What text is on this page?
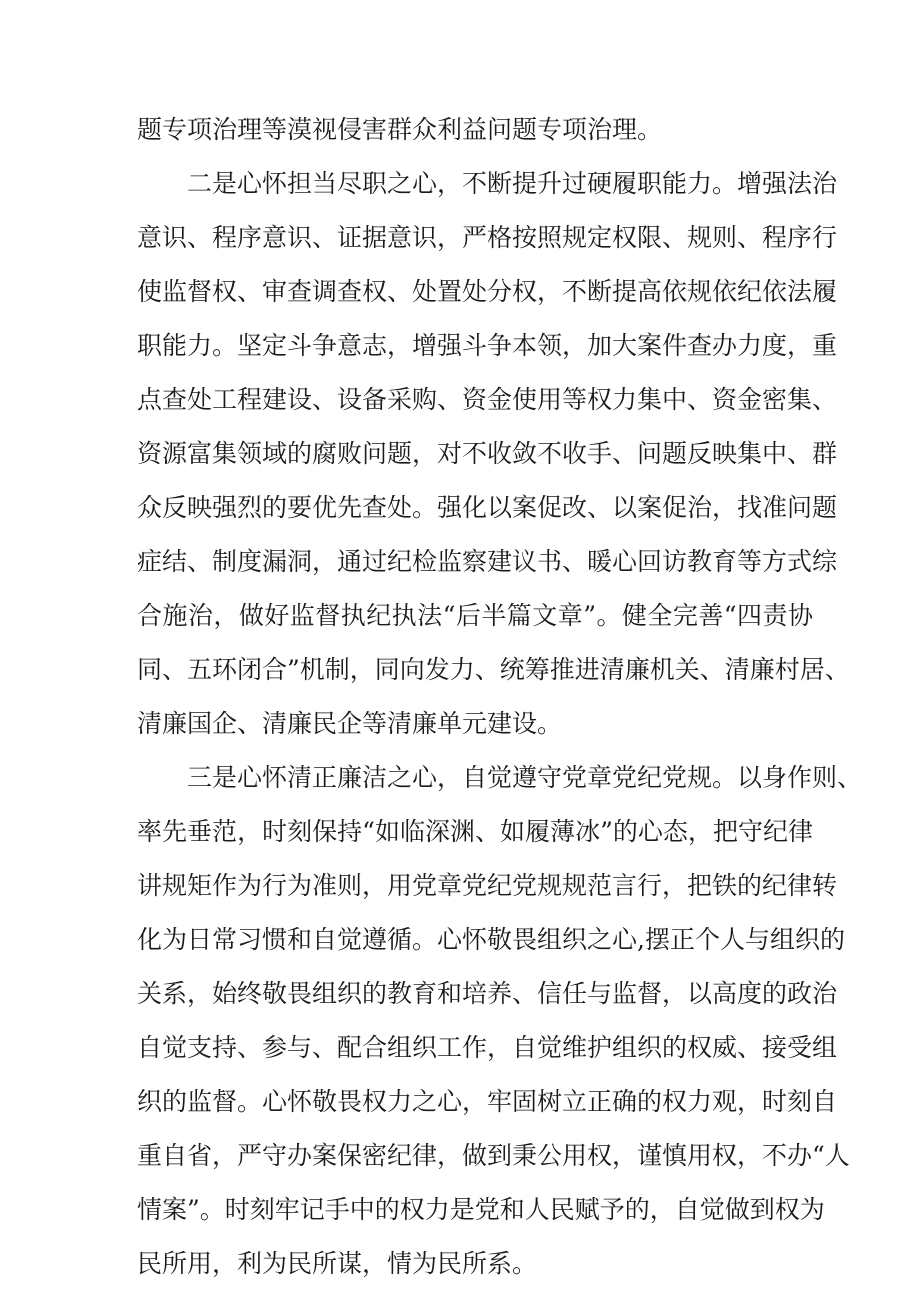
题专项治理等漠视侵害群众利益问题专项治理。
二是心怀担当尽职之心，不断提升过硬履职能力。增强法治
意识、程序意识、证据意识，严格按照规定权限、规则、程序行
使监督权、审查调查权、处置处分权，不断提高依规依纪依法履
职能力。坚定斗争意志，增强斗争本领，加大案件查办力度，重
点查处工程建设、设备采购、资金使用等权力集中、资金密集、
资源富集领域的腐败问题，对不收敛不收手、问题反映集中、群
众反映强烈的要优先查处。强化以案促改、以案促治，找准问题
症结、制度漏洞，通过纪检监察建议书、暖心回访教育等方式综
合施治，做好监督执纪执法“后半篇文章”。健全完善“四责协
同、五环闭合”机制，同向发力、统筹推进清廉机关、清廉村居、
清廉国企、清廉民企等清廉单元建设。
三是心怀清正廉洁之心，自觉遵守党章党纪党规。以身作则、
率先垂范，时刻保持“如临深渊、如履薄冰”的心态，把守纪律
讲规矩作为行为准则，用党章党纪党规规范言行，把铁的纪律转
化为日常习惯和自觉遵循。心怀敬畏组织之心,摆正个人与组织的
关系，始终敬畏组织的教育和培养、信任与监督，以高度的政治
自觉支持、参与、配合组织工作，自觉维护组织的权威、接受组
织的监督。心怀敬畏权力之心，牢固树立正确的权力观，时刻自
重自省，严守办案保密纪律，做到秉公用权，谨慎用权，不办“人
情案”。时刻牢记手中的权力是党和人民赋予的，自觉做到权为
民所用，利为民所谋，情为民所系。
